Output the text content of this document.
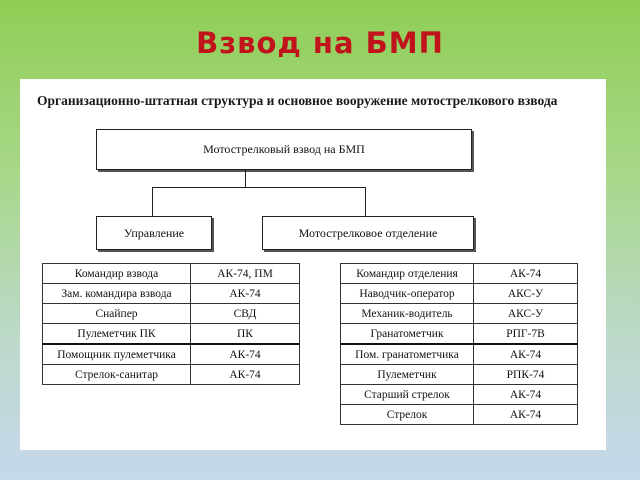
Взвод на БМП
Организационно-штатная структура и основное вооружение мотострелкового взвода
Мотострелковый взвод на БМП
Управление	Мотострелковое отделение
Командир взвода	АК-74, ПМ
Зам. командира взвода	АК-74
Снайпер	СВД
Пулеметчик ПК	ПК
Помощник пулеметчика	АК-74
Стрелок-санитар	АК-74
Командир отделения	АК-74
Наводчик-оператор	АКС-У
Механик-водитель	АКС-У
Гранатометчик	РПГ-7В
Пом. гранатометчика	АК-74
Пулеметчик	РПК-74
Старший стрелок	АК-74
Стрелок	АК-74
